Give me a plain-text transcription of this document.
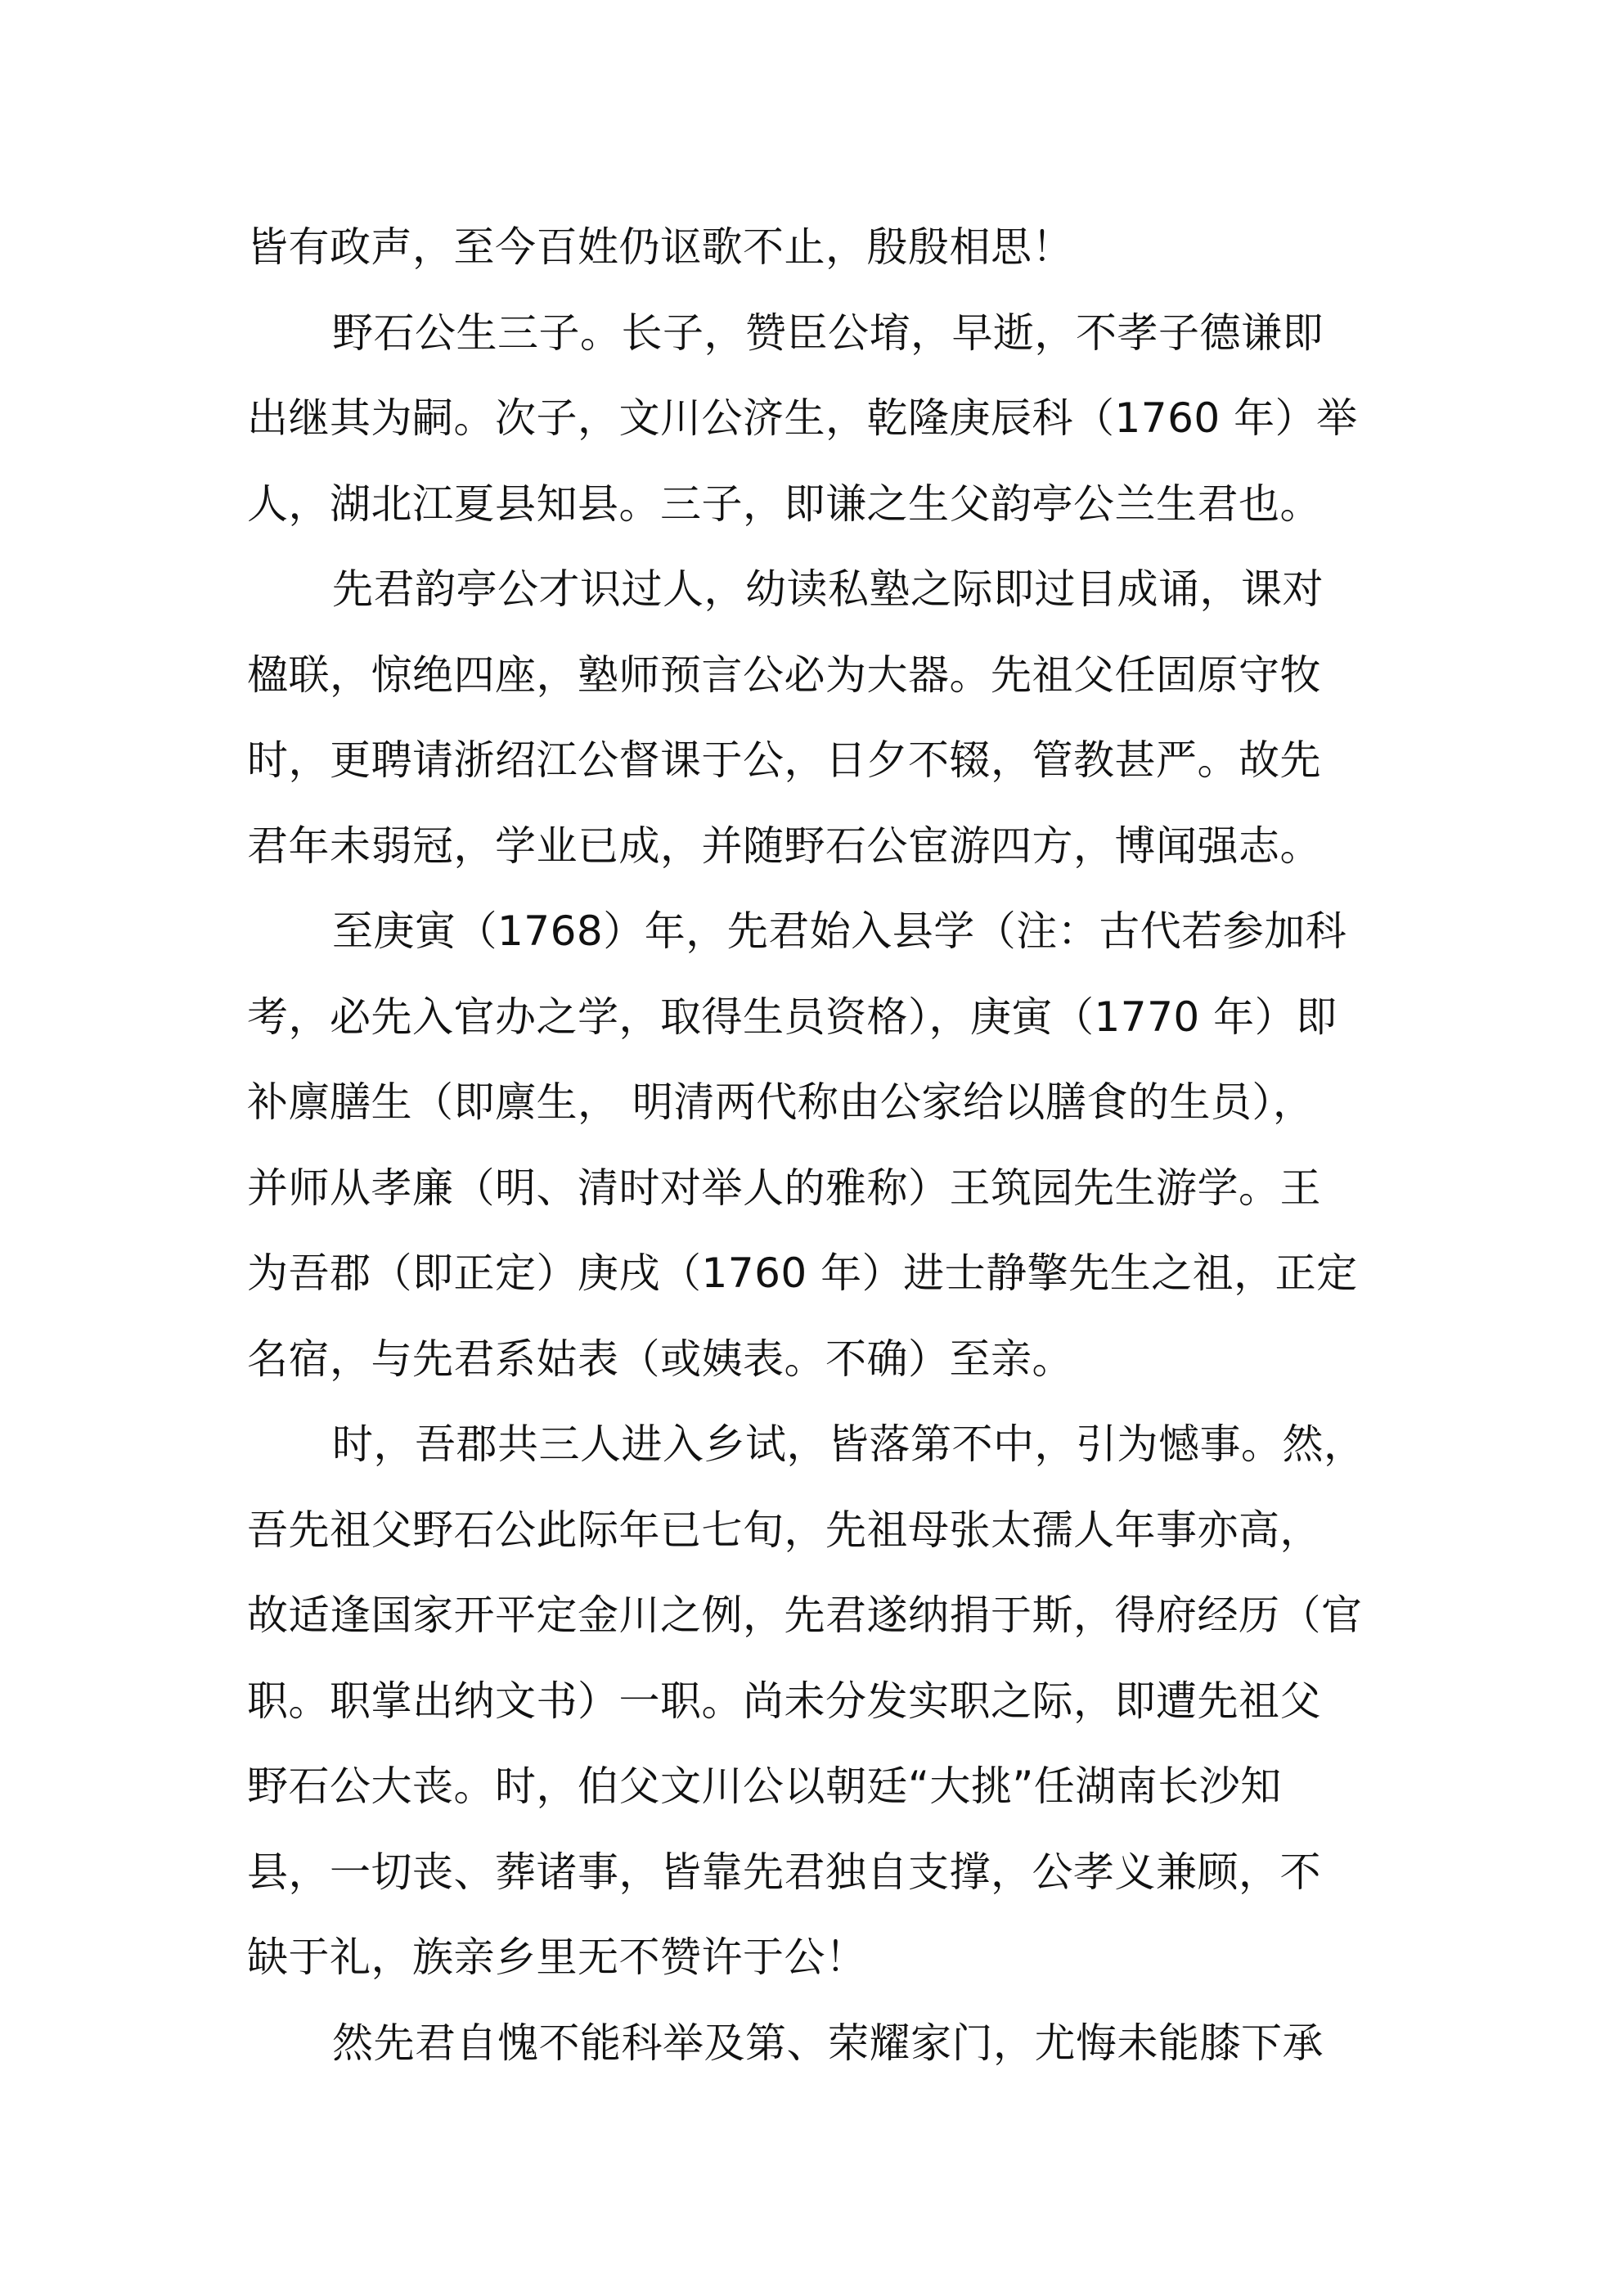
皆有政声，至今百姓仍讴歌不止，殷殷相思！
野石公生三子。长子，赞臣公堉，早逝，不孝子德谦即
出继其为嗣。次子，文川公济生，乾隆庚辰科（1760 年）举
人，湖北江夏县知县。三子，即谦之生父韵亭公兰生君也。
先君韵亭公才识过人，幼读私塾之际即过目成诵，课对
楹联，惊绝四座，塾师预言公必为大器。先祖父任固原守牧
时，更聘请浙绍江公督课于公，日夕不辍，管教甚严。故先
君年未弱冠，学业已成，并随野石公宦游四方，博闻强志。
至庚寅（1768）年，先君始入县学（注：古代若参加科
考，必先入官办之学，取得生员资格），庚寅（1770 年）即
补廪膳生（即廪生， 明清两代称由公家给以膳食的生员），
并师从孝廉（明、清时对举人的雅称）王筑园先生游学。王
为吾郡（即正定）庚戌（1760 年）进士静擎先生之祖，正定
名宿，与先君系姑表（或姨表。不确）至亲。
时，吾郡共三人进入乡试，皆落第不中，引为憾事。然，
吾先祖父野石公此际年已七旬，先祖母张太孺人年事亦高，
故适逢国家开平定金川之例，先君遂纳捐于斯，得府经历（官
职。职掌出纳文书）一职。尚未分发实职之际，即遭先祖父
野石公大丧。时，伯父文川公以朝廷“大挑”任湖南长沙知
县，一切丧、葬诸事，皆靠先君独自支撑，公孝义兼顾，不
缺于礼，族亲乡里无不赞许于公！
然先君自愧不能科举及第、荣耀家门，尤悔未能膝下承
